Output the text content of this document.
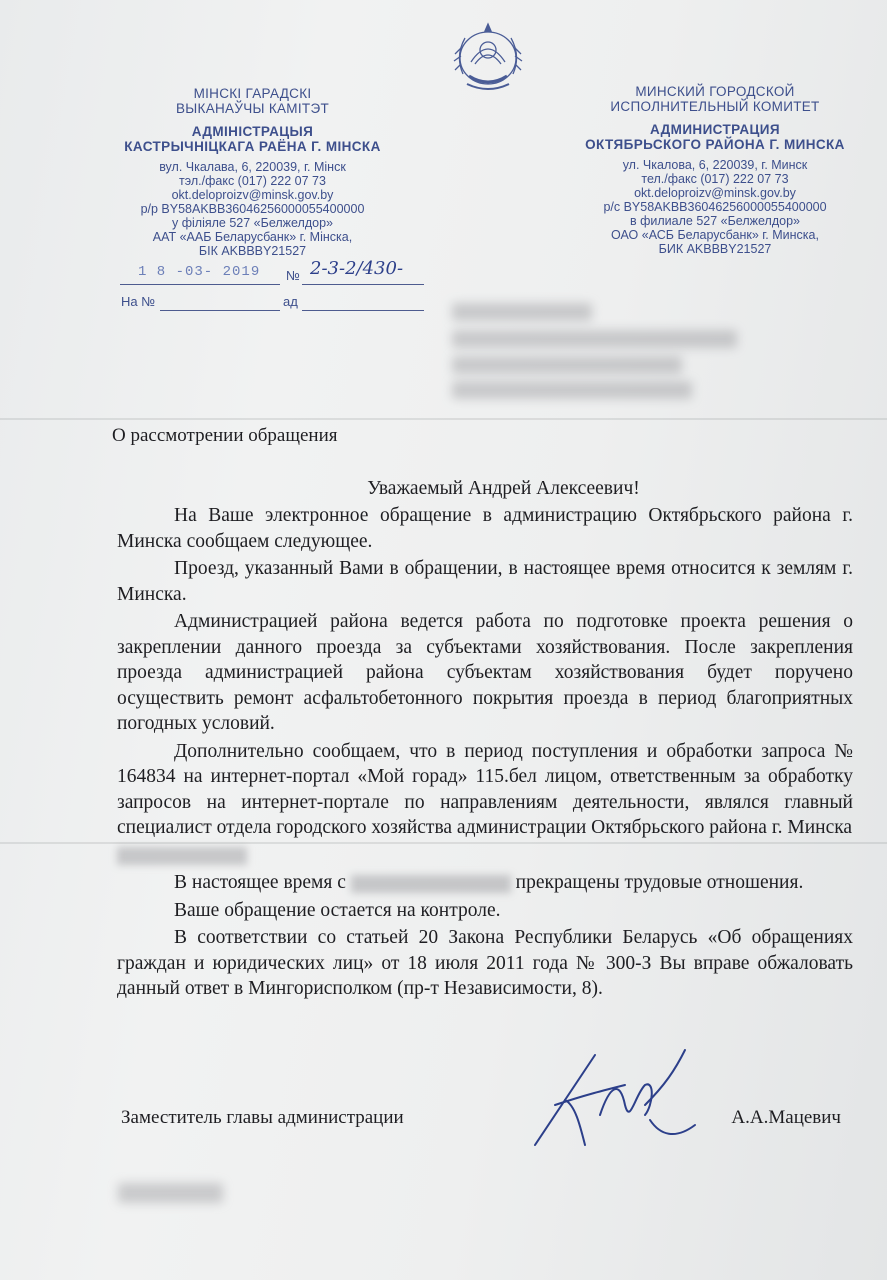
МІНСКІ ГАРАДСКІ
ВЫКАНАЎЧЫ КАМІТЭТ
АДМІНІСТРАЦЫЯ
КАСТРЫЧНІЦКАГА РАЁНА Г. МІНСКА
вул. Чкалава, 6, 220039, г. Мінск
тэл./факс (017) 222 07 73
okt.deloproizv@minsk.gov.by
р/р BY58AKBB36046256000055400000
у філіяле 527 «Белжелдор»
ААТ «ААБ Беларусбанк» г. Мінска,
БІК AKBBBY21527
МИНСКИЙ ГОРОДСКОЙ
ИСПОЛНИТЕЛЬНЫЙ КОМИТЕТ
АДМИНИСТРАЦИЯ
ОКТЯБРЬСКОГО РАЙОНА Г. МИНСКА
ул. Чкалова, 6, 220039, г. Минск
тел./факс (017) 222 07 73
okt.deloproizv@minsk.gov.by
р/с BY58AKBB36046256000055400000
в филиале 527 «Белжелдор»
ОАО «АСБ Беларусбанк» г. Минска,
БИК AKBBBY21527
1 8 -03- 2019 № 2-3-2/430-
На №	ад
О рассмотрении обращения
Уважаемый Андрей Алексеевич!

На Ваше электронное обращение в администрацию Октябрьского района г. Минска сообщаем следующее.

Проезд, указанный Вами в обращении, в настоящее время относится к землям г. Минска.

Администрацией района ведется работа по подготовке проекта решения о закреплении данного проезда за субъектами хозяйствования. После закрепления проезда администрацией района субъектам хозяйствования будет поручено осуществить ремонт асфальтобетонного покрытия проезда в период благоприятных погодных условий.

Дополнительно сообщаем, что в период поступления и обработки запроса № 164834 на интернет-портал «Мой горад» 115.бел лицом, ответственным за обработку запросов на интернет-портале по направлениям деятельности, являлся главный специалист отдела городского хозяйства администрации Октябрьского района г. Минска

В настоящее время с	прекращены трудовые отношения.

Ваше обращение остается на контроле.

В соответствии со статьей 20 Закона Республики Беларусь «Об обращениях граждан и юридических лиц» от 18 июля 2011 года № 300-З Вы вправе обжаловать данный ответ в Мингорисполком (пр-т Независимости, 8).

Заместитель главы администрации	А.А.Мацевич
